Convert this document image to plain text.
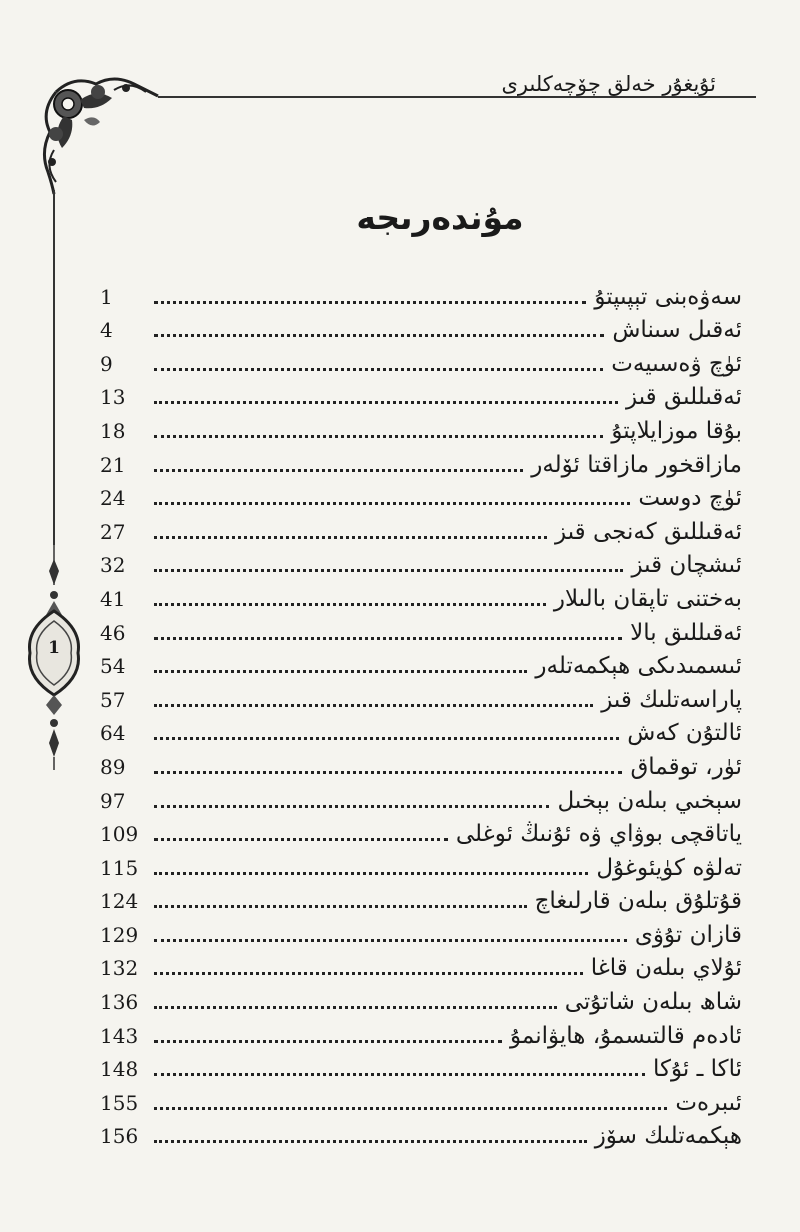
ئۇيغۇر خەلق چۆچەكلىرى
1
مۇندەرىجە
سەۋەبنى تېپىپتۇ
1
ئەقىل سىناش
4
ئۈچ ۋەسىيەت
9
ئەقىللىق قىز
13
بۇقا موزايلاپتۇ
18
مازاقخور مازاقتا ئۆلەر
21
ئۈچ دوست
24
ئەقىللىق كەنجى قىز
27
ئىشچان قىز
32
بەختنى تاپقان بالىلار
41
ئەقىللىق بالا
46
ئىسمىدىكى ھېكمەتلەر
54
پاراسەتلىك قىز
57
ئالتۇن كەش
64
ئۈر، توقماق
89
سېخىي بىلەن بېخىل
97
ياتاقچى بوۋاي ۋە ئۇنىڭ ئوغلى
109
تەلۋە كۈيئوغۇل
115
قۇتلۇق بىلەن قارلىغاچ
124
قازان تۇۋى
129
ئۇلاي بىلەن قاغا
132
شاھ بىلەن شاتۇتى
136
ئادەم قالتىسمۇ، ھايۋانمۇ
143
ئاكا ـ ئۇكا
148
ئىبرەت
155
ھېكمەتلىك سۆز
156
